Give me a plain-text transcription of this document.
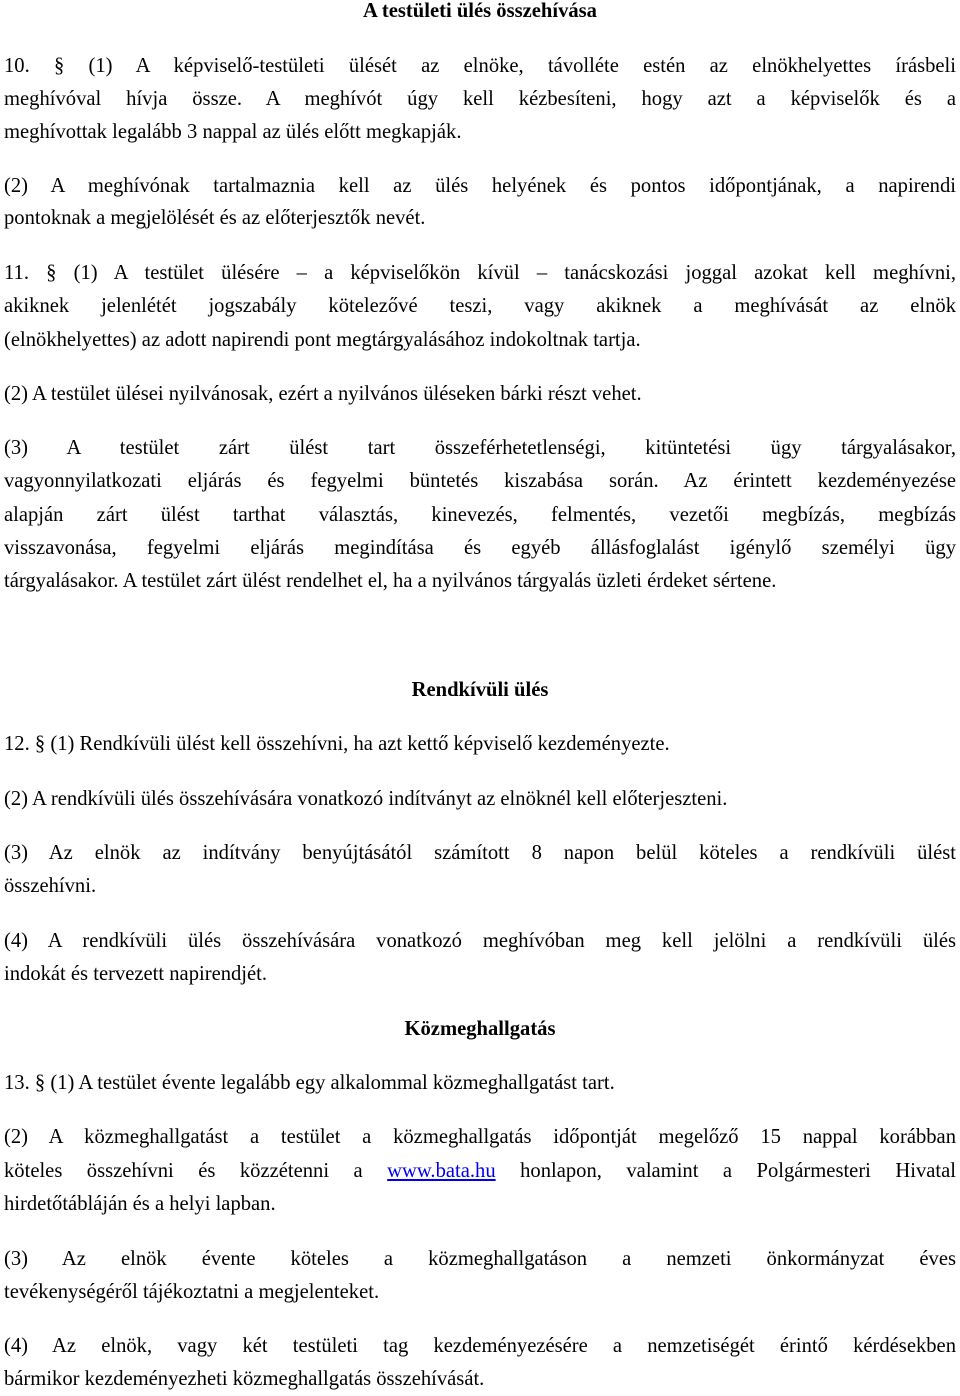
A testületi ülés összehívása
10. § (1) A képviselő-testületi ülését az elnöke, távolléte estén az elnökhelyettes írásbeli
meghívóval hívja össze. A meghívót úgy kell kézbesíteni, hogy azt a képviselők és a
meghívottak legalább 3 nappal az ülés előtt megkapják.
(2) A meghívónak tartalmaznia kell az ülés helyének és pontos időpontjának, a napirendi
pontoknak a megjelölését és az előterjesztők nevét.
11. § (1) A testület ülésére – a képviselőkön kívül – tanácskozási joggal azokat kell meghívni,
akiknek jelenlétét jogszabály kötelezővé teszi, vagy akiknek a meghívását az elnök
(elnökhelyettes) az adott napirendi pont megtárgyalásához indokoltnak tartja.
(2) A testület ülései nyilvánosak, ezért a nyilvános üléseken bárki részt vehet.
(3) A testület zárt ülést tart összeférhetetlenségi, kitüntetési ügy tárgyalásakor,
vagyonnyilatkozati eljárás és fegyelmi büntetés kiszabása során. Az érintett kezdeményezése
alapján zárt ülést tarthat választás, kinevezés, felmentés, vezetői megbízás, megbízás
visszavonása, fegyelmi eljárás megindítása és egyéb állásfoglalást igénylő személyi ügy
tárgyalásakor. A testület zárt ülést rendelhet el, ha a nyilvános tárgyalás üzleti érdeket sértene.
Rendkívüli ülés
12. § (1) Rendkívüli ülést kell összehívni, ha azt kettő képviselő kezdeményezte.
(2) A rendkívüli ülés összehívására vonatkozó indítványt az elnöknél kell előterjeszteni.
(3) Az elnök az indítvány benyújtásától számított 8 napon belül köteles a rendkívüli ülést
összehívni.
(4) A rendkívüli ülés összehívására vonatkozó meghívóban meg kell jelölni a rendkívüli ülés
indokát és tervezett napirendjét.
Közmeghallgatás
13. § (1) A testület évente legalább egy alkalommal közmeghallgatást tart.
(2) A közmeghallgatást a testület a közmeghallgatás időpontját megelőző 15 nappal korábban
köteles összehívni és közzétenni a www.bata.hu honlapon, valamint a Polgármesteri Hivatal
hirdetőtábláján és a helyi lapban.
(3) Az elnök évente köteles a közmeghallgatáson a nemzeti önkormányzat éves
tevékenységéről tájékoztatni a megjelenteket.
(4) Az elnök, vagy két testületi tag kezdeményezésére a nemzetiségét érintő kérdésekben
bármikor kezdeményezheti közmeghallgatás összehívását.
